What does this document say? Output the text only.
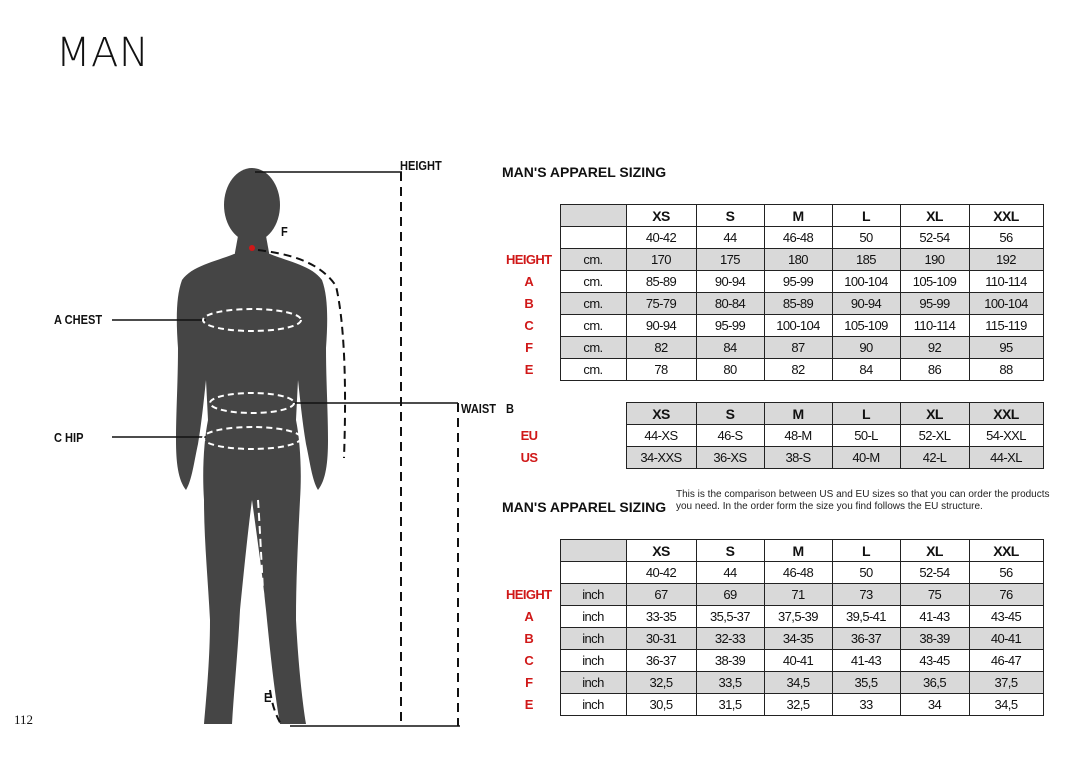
MAN
112
HEIGHT
A CHEST
C HIP
WAIST B
F
E
MAN'S APPAREL SIZING
MAN'S APPAREL SIZING
This is the comparison between US and EU sizes so that you can order the products you need. In the order form the size you find follows the EU structure.
		XS	S	M	L	XL	XXL
		40-42	44	46-48	50	52-54	56
HEIGHT	cm.	170	175	180	185	190	192
A	cm.	85-89	90-94	95-99	100-104	105-109	110-114
B	cm.	75-79	80-84	85-89	90-94	95-99	100-104
C	cm.	90-94	95-99	100-104	105-109	110-114	115-119
F	cm.	82	84	87	90	92	95
E	cm.	78	80	82	84	86	88
		XS	S	M	L	XL	XXL
EU		44-XS	46-S	48-M	50-L	52-XL	54-XXL
US		34-XXS	36-XS	38-S	40-M	42-L	44-XL
		XS	S	M	L	XL	XXL
		40-42	44	46-48	50	52-54	56
HEIGHT	inch	67	69	71	73	75	76
A	inch	33-35	35,5-37	37,5-39	39,5-41	41-43	43-45
B	inch	30-31	32-33	34-35	36-37	38-39	40-41
C	inch	36-37	38-39	40-41	41-43	43-45	46-47
F	inch	32,5	33,5	34,5	35,5	36,5	37,5
E	inch	30,5	31,5	32,5	33	34	34,5
